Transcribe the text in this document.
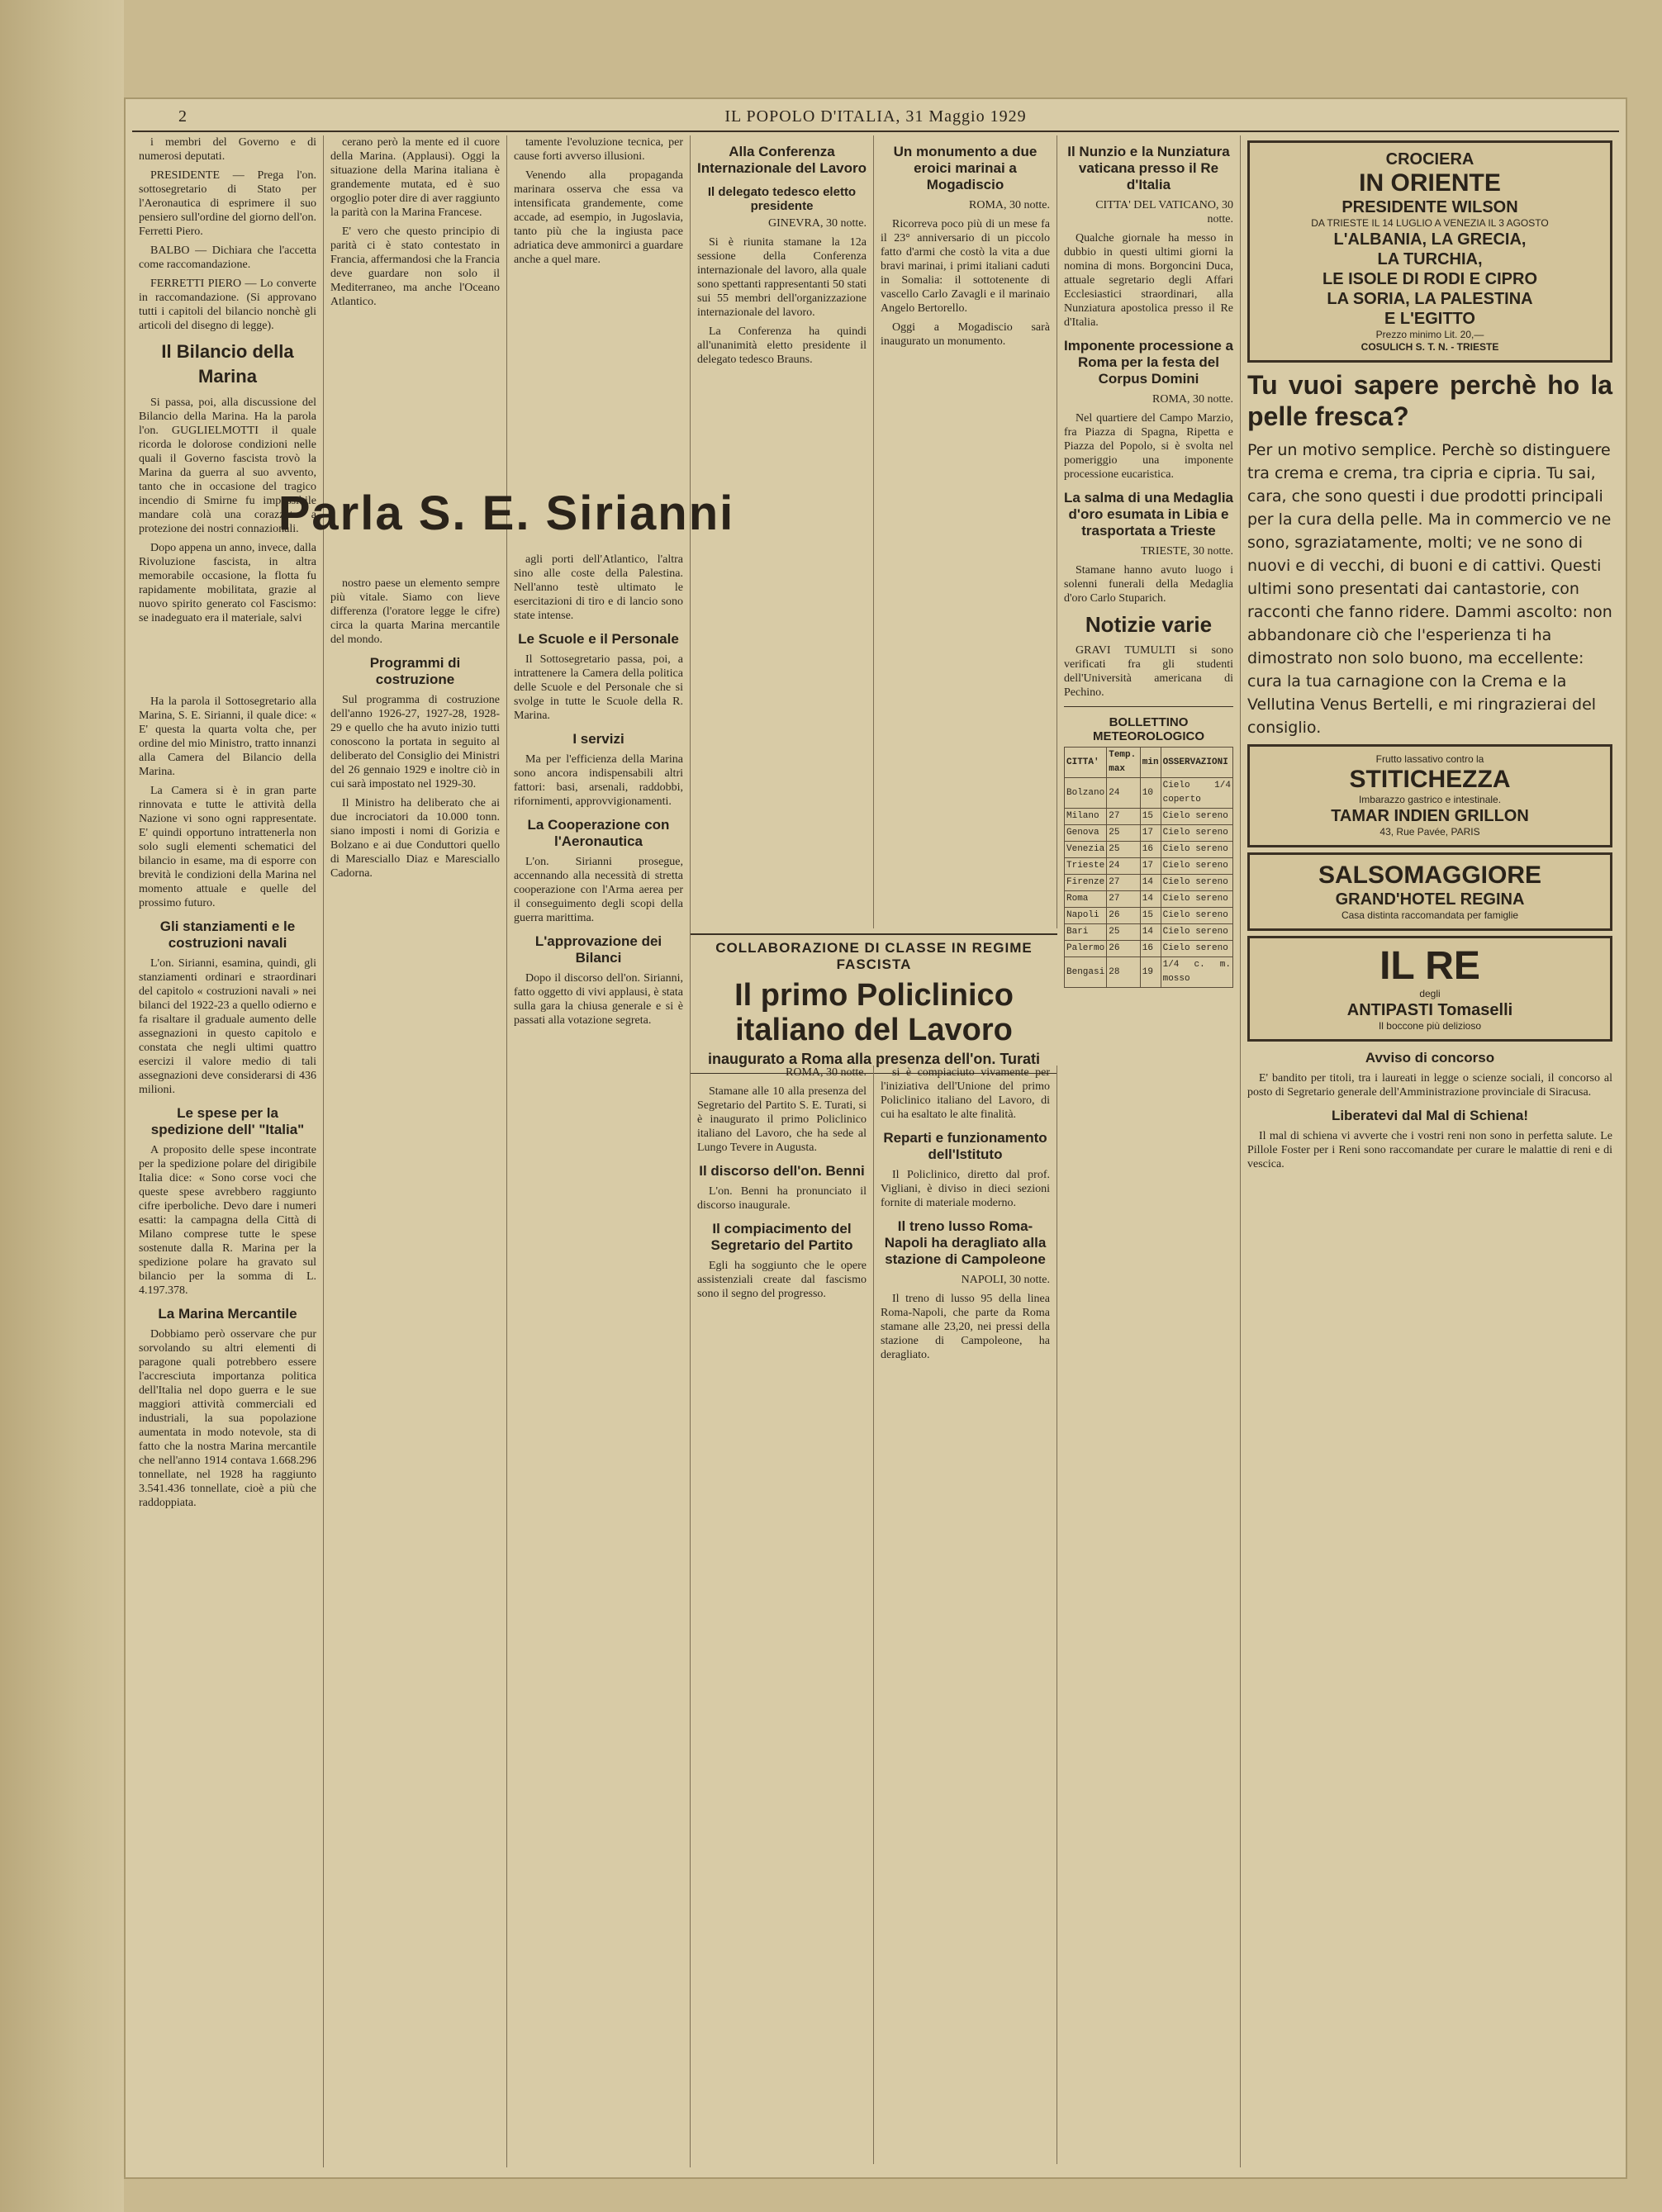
2	IL POPOLO D'ITALIA, 31 Maggio 1929

i membri del Governo e di numerosi deputati.

PRESIDENTE — Prega l'on. sottosegretario di Stato per l'Aeronautica di esprimere il suo pensiero sull'ordine del giorno dell'on. Ferretti Piero.

BALBO — Dichiara che l'accetta come raccomandazione.

FERRETTI PIERO — Lo converte in raccomandazione. (Si approvano tutti i capitoli del bilancio nonchè gli articoli del disegno di legge).

Il Bilancio della Marina

Si passa, poi, alla discussione del Bilancio della Marina. Ha la parola l'on. GUGLIELMOTTI il quale ricorda le dolorose condizioni nelle quali il Governo fascista trovò la Marina da guerra al suo avvento, tanto che in occasione del tragico incendio di Smirne fu impossibile mandare colà una corazzata a protezione dei nostri connazionali.

Dopo appena un anno, invece, dalla Rivoluzione fascista, in altra memorabile occasione, la flotta fu rapidamente mobilitata, grazie al nuovo spirito generato col Fascismo: se inadeguato era il materiale, salvi

Ha la parola il Sottosegretario alla Marina, S. E. Sirianni, il quale dice: « E' questa la quarta volta che, per ordine del mio Ministro, tratto innanzi alla Camera del Bilancio della Marina.

La Camera si è in gran parte rinnovata e tutte le attività della Nazione vi sono ogni rappresentate. E' quindi opportuno intrattenerla non solo sugli elementi schematici del bilancio in esame, ma di esporre con brevità le condizioni della Marina nel momento attuale e quelle del prossimo futuro.

Gli stanziamenti e le costruzioni navali

L'on. Sirianni, esamina, quindi, gli stanziamenti ordinari e straordinari del capitolo « costruzioni navali » nei bilanci del 1922-23 a quello odierno e fa risaltare il graduale aumento delle assegnazioni in questo capitolo e constata che negli ultimi quattro esercizi il valore medio di tali assegnazioni deve considerarsi di 436 milioni.

Le spese per la spedizione dell' "Italia"

A proposito delle spese incontrate per la spedizione polare del dirigibile Italia dice: « Sono corse voci che queste spese avrebbero raggiunto cifre iperboliche. Devo dare i numeri esatti: la campagna della Città di Milano comprese tutte le spese sostenute dalla R. Marina per la spedizione polare ha gravato sul bilancio per la somma di L. 4.197.378.

La Marina Mercantile

Dobbiamo però osservare che pur sorvolando su altri elementi di paragone quali potrebbero essere l'accresciuta importanza politica dell'Italia nel dopo guerra e le sue maggiori attività commerciali ed industriali, la sua popolazione aumentata in modo notevole, sta di fatto che la nostra Marina mercantile che nell'anno 1914 contava 1.668.296 tonnellate, nel 1928 ha raggiunto 3.541.436 tonnellate, cioè a più che raddoppiata.

cerano però la mente ed il cuore della Marina. (Applausi). Oggi la situazione della Marina italiana è grandemente mutata, ed è suo orgoglio poter dire di aver raggiunto la parità con la Marina Francese.

E' vero che questo principio di parità ci è stato contestato in Francia, affermandosi che la Francia deve guardare non solo il Mediterraneo, ma anche l'Oceano Atlantico.

nostro paese un elemento sempre più vitale. Siamo con lieve differenza (l'oratore legge le cifre) circa la quarta Marina mercantile del mondo.

Programmi di costruzione

Sul programma di costruzione dell'anno 1926-27, 1927-28, 1928-29 e quello che ha avuto inizio tutti conoscono la portata in seguito al deliberato del Consiglio dei Ministri del 26 gennaio 1929 e inoltre ciò in cui sarà impostato nel 1929-30.

Il Ministro ha deliberato che ai due incrociatori da 10.000 tonn. siano imposti i nomi di Gorizia e Bolzano e ai due Conduttori quello di Maresciallo Diaz e Maresciallo Cadorna.

tamente l'evoluzione tecnica, per cause forti avverso illusioni.

Venendo alla propaganda marinara osserva che essa va intensificata grandemente, come accade, ad esempio, in Jugoslavia, tanto più che la ingiusta pace adriatica deve ammonirci a guardare anche a quel mare.

agli porti dell'Atlantico, l'altra sino alle coste della Palestina. Nell'anno testè ultimato le esercitazioni di tiro e di lancio sono state intense.

Le Scuole e il Personale

Il Sottosegretario passa, poi, a intrattenere la Camera della politica delle Scuole e del Personale che si svolge in tutte le Scuole della R. Marina.

I servizi

Ma per l'efficienza della Marina sono ancora indispensabili altri fattori: basi, arsenali, raddobbi, rifornimenti, approvvigionamenti.

La Cooperazione con l'Aeronautica

L'on. Sirianni prosegue, accennando alla necessità di stretta cooperazione con l'Arma aerea per il conseguimento degli scopi della guerra marittima.

L'approvazione dei Bilanci

Dopo il discorso dell'on. Sirianni, fatto oggetto di vivi applausi, è stata sulla gara la chiusa generale e si è passati alla votazione segreta.

Parla S. E. Sirianni
Alla Conferenza Internazionale del Lavoro
Il delegato tedesco eletto presidente

GINEVRA, 30 notte.

Si è riunita stamane la 12a sessione della Conferenza internazionale del lavoro, alla quale sono spettanti rappresentanti 50 stati sui 55 membri dell'organizzazione internazionale del lavoro.

La Conferenza ha quindi all'unanimità eletto presidente il delegato tedesco Brauns.

Un monumento a due eroici marinai a Mogadiscio

ROMA, 30 notte.

Ricorreva poco più di un mese fa il 23° anniversario di un piccolo fatto d'armi che costò la vita a due bravi marinai, i primi italiani caduti in Somalia: il sottotenente di vascello Carlo Zavagli e il marinaio Angelo Bertorello.

Oggi a Mogadiscio sarà inaugurato un monumento.

COLLABORAZIONE DI CLASSE IN REGIME FASCISTA
Il primo Policlinico italiano del Lavoro
inaugurato a Roma alla presenza dell'on. Turati

ROMA, 30 notte.

Stamane alle 10 alla presenza del Segretario del Partito S. E. Turati, si è inaugurato il primo Policlinico italiano del Lavoro, che ha sede al Lungo Tevere in Augusta.

Il discorso dell'on. Benni

L'on. Benni ha pronunciato il discorso inaugurale.

Il compiacimento del Segretario del Partito

Egli ha soggiunto che le opere assistenziali create dal fascismo sono il segno del progresso.

si è compiaciuto vivamente per l'iniziativa dell'Unione del primo Policlinico italiano del Lavoro, di cui ha esaltato le alte finalità.

Reparti e funzionamento dell'Istituto

Il Policlinico, diretto dal prof. Vigliani, è diviso in dieci sezioni fornite di materiale moderno.

Il treno lusso Roma-Napoli ha deragliato alla stazione di Campoleone

NAPOLI, 30 notte.

Il treno di lusso 95 della linea Roma-Napoli, che parte da Roma stamane alle 23,20, nei pressi della stazione di Campoleone, ha deragliato.

Il Nunzio e la Nunziatura vaticana presso il Re d'Italia

CITTA' DEL VATICANO, 30 notte.

Qualche giornale ha messo in dubbio in questi ultimi giorni la nomina di mons. Borgoncini Duca, attuale segretario degli Affari Ecclesiastici straordinari, alla Nunziatura apostolica presso il Re d'Italia.

Imponente processione a Roma per la festa del Corpus Domini

ROMA, 30 notte.

Nel quartiere del Campo Marzio, fra Piazza di Spagna, Ripetta e Piazza del Popolo, si è svolta nel pomeriggio una imponente processione eucaristica.

La salma di una Medaglia d'oro esumata in Libia e trasportata a Trieste

TRIESTE, 30 notte.

Stamane hanno avuto luogo i solenni funerali della Medaglia d'oro Carlo Stuparich.

Notizie varie

GRAVI TUMULTI si sono verificati fra gli studenti dell'Università americana di Pechino.

BOLLETTINO METEOROLOGICO
CITTA'	Temp. max	min	OSSERVAZIONI
Bolzano	24	10	Cielo 1/4 coperto
Milano	27	15	Cielo sereno
Genova	25	17	Cielo sereno
Venezia	25	16	Cielo sereno
Trieste	24	17	Cielo sereno
Firenze	27	14	Cielo sereno
Roma	27	14	Cielo sereno
Napoli	26	15	Cielo sereno
Bari	25	14	Cielo sereno
Palermo	26	16	Cielo sereno
Bengasi	28	19	1/4 c. m. mosso
CROCIERA
IN ORIENTE
PRESIDENTE WILSON
DA TRIESTE IL 14 LUGLIO A VENEZIA IL 3 AGOSTO
L'ALBANIA, LA GRECIA,
LA TURCHIA,
LE ISOLE DI RODI E CIPRO
LA SORIA, LA PALESTINA
E L'EGITTO
Prezzo minimo Lit. 20,—
COSULICH S. T. N. - TRIESTE
Tu vuoi sapere perchè ho la pelle fresca?
Per un motivo semplice. Perchè so distinguere tra crema e crema, tra cipria e cipria. Tu sai, cara, che sono questi i due prodotti principali per la cura della pelle. Ma in commercio ve ne sono, sgraziatamente, molti; ve ne sono di nuovi e di vecchi, di buoni e di cattivi. Questi ultimi sono presentati dai cantastorie, con racconti che fanno ridere. Dammi ascolto: non abbandonare ciò che l'esperienza ti ha dimostrato non solo buono, ma eccellente: cura la tua carnagione con la Crema e la Vellutina Venus Bertelli, e mi ringrazierai del consiglio.
Frutto lassativo contro la
STITICHEZZA
Imbarazzo gastrico e intestinale.
TAMAR INDIEN GRILLON
43, Rue Pavée, PARIS
SALSOMAGGIORE
GRAND'HOTEL REGINA
Casa distinta raccomandata per famiglie
IL RE
degli
ANTIPASTI Tomaselli
Il boccone più delizioso
Avviso di concorso

E' bandito per titoli, tra i laureati in legge o scienze sociali, il concorso al posto di Segretario generale dell'Amministrazione provinciale di Siracusa.

Liberatevi dal Mal di Schiena!

Il mal di schiena vi avverte che i vostri reni non sono in perfetta salute. Le Pillole Foster per i Reni sono raccomandate per curare le malattie di reni e di vescica.
